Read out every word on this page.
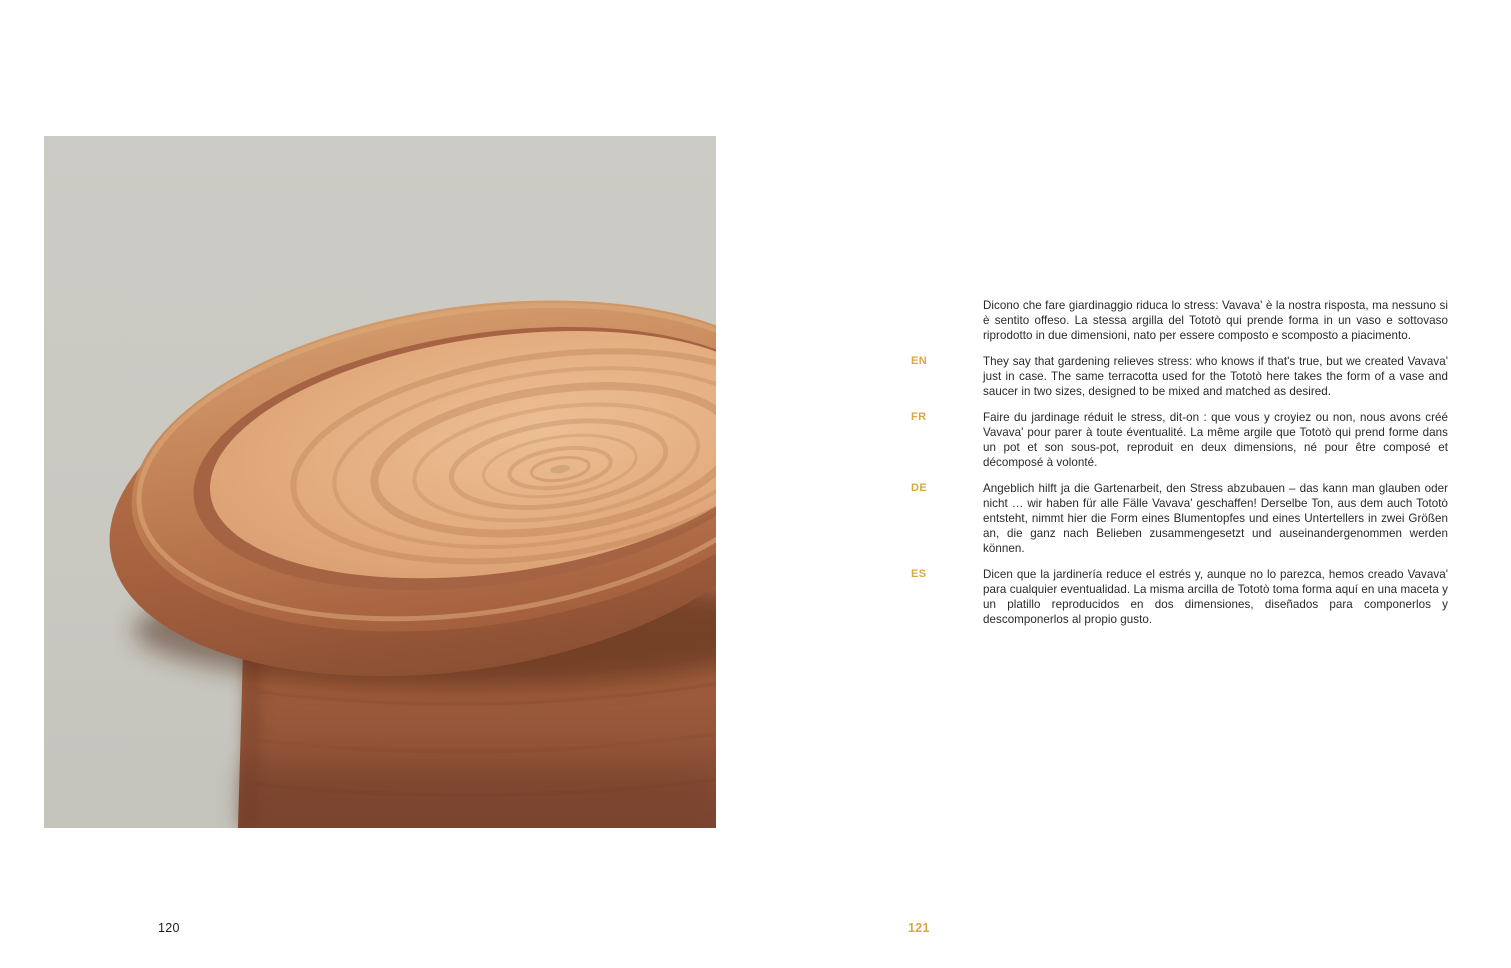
Dicono che fare giardinaggio riduca lo stress: Vavava' è la nostra risposta, ma nessuno si è sentito offeso. La stessa argilla del Tototò qui prende forma in un vaso e sottovaso riprodotto in due dimensioni, nato per essere composto e scomposto a piacimento.

EN	They say that gardening relieves stress: who knows if that's true, but we created Vavava' just in case. The same terracotta used for the Tototò here takes the form of a vase and saucer in two sizes, designed to be mixed and matched as desired.

FR	Faire du jardinage réduit le stress, dit-on : que vous y croyiez ou non, nous avons créé Vavava' pour parer à toute éventualité. La même argile que Tototò qui prend forme dans un pot et son sous-pot, reproduit en deux dimensions, né pour être composé et décomposé à volonté.

DE	Angeblich hilft ja die Gartenarbeit, den Stress abzubauen – das kann man glauben oder nicht … wir haben für alle Fälle Vavava' geschaffen! Derselbe Ton, aus dem auch Tototò entsteht, nimmt hier die Form eines Blumentopfes und eines Untertellers in zwei Größen an, die ganz nach Belieben zusammengesetzt und auseinandergenommen werden können.

ES	Dicen que la jardinería reduce el estrés y, aunque no lo parezca, hemos creado Vavava' para cualquier eventualidad. La misma arcilla de Tototò toma forma aquí en una maceta y un platillo reproducidos en dos dimensiones, diseñados para componerlos y descomponerlos al propio gusto.

120	121
